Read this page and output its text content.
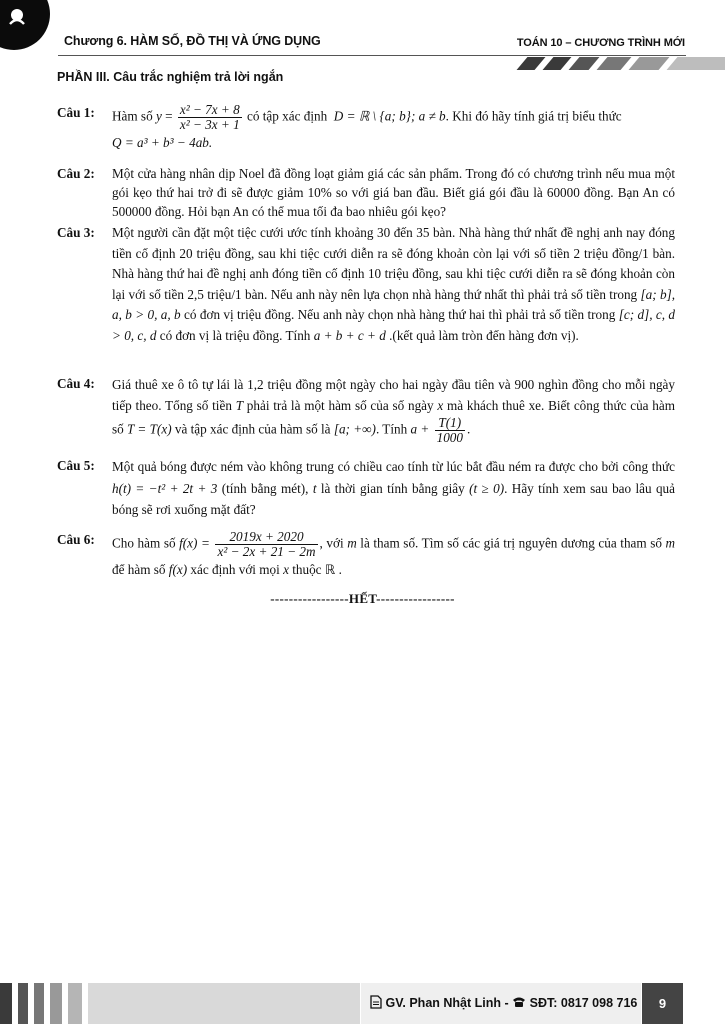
Chương 6. HÀM SỐ, ĐỒ THỊ VÀ ỨNG DỤNG	TOÁN 10 – CHƯƠNG TRÌNH MỚI
PHẦN III. Câu trắc nghiệm trả lời ngắn
Câu 1:	Hàm số $y = \frac{\text{x² − 7x + 8}}{\text{x² − 3x + 1}}$ có tập xác định D = ℝ \ {a; b}; a ≠ b. Khi đó hãy tính giá trị biểu thức
Q = a³ + b³ − 4ab.
Câu 2:	Một cửa hàng nhân dịp Noel đã đồng loạt giảm giá các sản phẩm. Trong đó có chương trình nếu mua một gói kẹo thứ hai trở đi sẽ được giảm 10% so với giá ban đầu. Biết giá gói đầu là 60000 đồng. Bạn An có 500000 đồng. Hỏi bạn An có thể mua tối đa bao nhiêu gói kẹo?
Câu 3:	Một người cần đặt một tiệc cưới ước tính khoảng 30 đến 35 bàn. Nhà hàng thứ nhất đề nghị anh nay đóng tiền cố định 20 triệu đồng, sau khi tiệc cưới diễn ra sẽ đóng khoản còn lại với số tiền 2 triệu đồng/1 bàn. Nhà hàng thứ hai đề nghị anh đóng tiền cố định 10 triệu đồng, sau khi tiệc cưới diễn ra sẽ đóng khoản còn lại với số tiền 2,5 triệu/1 bàn. Nếu anh này nên lựa chọn nhà hàng thứ nhất thì phải trả số tiền trong [a; b], a, b > 0, a, b có đơn vị triệu đồng. Nếu anh này chọn nhà hàng thứ hai thì phải trả số tiền trong [c; d], c, d > 0, c, d có đơn vị là triệu đồng. Tính a + b + c + d .(kết quả làm tròn đến hàng đơn vị).
Câu 4:	Giá thuê xe ô tô tự lái là 1,2 triệu đồng một ngày cho hai ngày đầu tiên và 900 nghìn đồng cho mỗi ngày tiếp theo. Tổng số tiền T phải trả là một hàm số của số ngày x mà khách thuê xe. Biết công thức của hàm số T = T(x) và tập xác định của hàm số là [a; +∞). Tính $a + \frac{T(1)}{1000}$ .
Câu 5:	Một quả bóng được ném vào không trung có chiều cao tính từ lúc bắt đầu ném ra được cho bởi công thức h(t) = −t² + 2t + 3 (tính bằng mét), t là thời gian tính bằng giây (t ≥ 0). Hãy tính xem sau bao lâu quả bóng sẽ rơi xuống mặt đất?
Câu 6:	Cho hàm số $f(x) = \frac{2019x + 2020}{\text{x² − 2x + 21 − 2m}}$ , với m là tham số. Tìm số các giá trị nguyên dương của tham số m để hàm số f(x) xác định với mọi x thuộc ℝ .
-----------------HẾT-----------------
GV. Phan Nhật Linh - SĐT: 0817 098 716	9
